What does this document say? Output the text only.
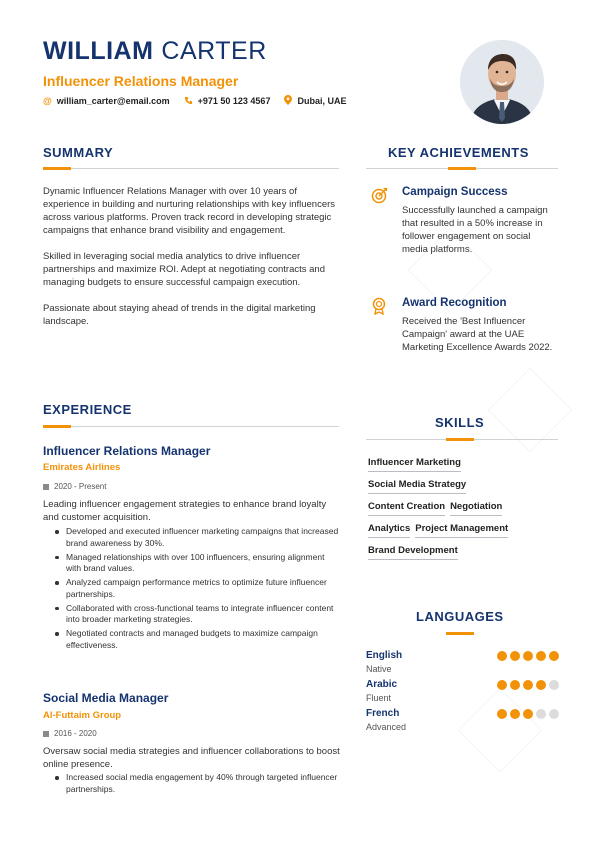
WILLIAM CARTER
Influencer Relations Manager
@ william_carter@email.com	+971 50 123 4567	Dubai, UAE
SUMMARY

Dynamic Influencer Relations Manager with over 10 years of experience in building and nurturing relationships with key influencers across various platforms. Proven track record in developing strategic campaigns that enhance brand visibility and engagement.

Skilled in leveraging social media analytics to drive influencer partnerships and maximize ROI. Adept at negotiating contracts and managing budgets to ensure successful campaign execution.

Passionate about staying ahead of trends in the digital marketing landscape.

KEY ACHIEVEMENTS
Campaign Success
Successfully launched a campaign that resulted in a 50% increase in follower engagement on social media platforms.
Award Recognition
Received the 'Best Influencer Campaign' award at the UAE Marketing Excellence Awards 2022.
EXPERIENCE
Influencer Relations Manager
Emirates Airlines
2020 - Present
Leading influencer engagement strategies to enhance brand loyalty and customer acquisition.
Developed and executed influencer marketing campaigns that increased brand awareness by 30%.
Managed relationships with over 100 influencers, ensuring alignment with brand values.
Analyzed campaign performance metrics to optimize future influencer partnerships.
Collaborated with cross-functional teams to integrate influencer content into broader marketing strategies.
Negotiated contracts and managed budgets to maximize campaign effectiveness.
Social Media Manager
Al-Futtaim Group
2016 - 2020
Oversaw social media strategies and influencer collaborations to boost online presence.
Increased social media engagement by 40% through targeted influencer partnerships.
SKILLS
Influencer Marketing
Social Media Strategy
Content Creation Negotiation
Analytics Project Management
Brand Development
LANGUAGES
English
Native
Arabic
Fluent
French
Advanced
